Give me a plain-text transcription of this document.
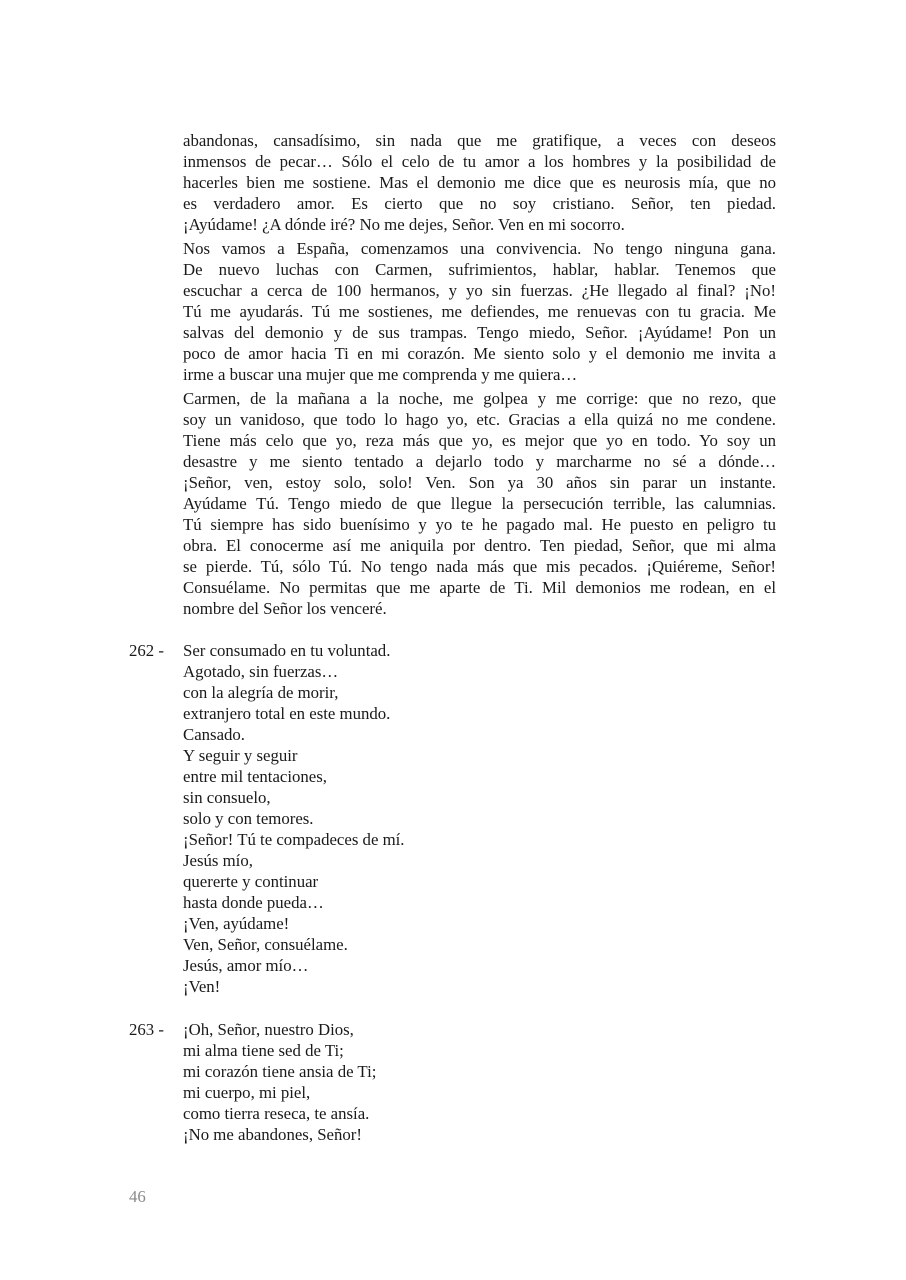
abandonas, cansadísimo, sin nada que me gratifique, a veces con deseos
inmensos de pecar… Sólo el celo de tu amor a los hombres y la posibilidad de
hacerles bien me sostiene. Mas el demonio me dice que es neurosis mía, que no
es verdadero amor. Es cierto que no soy cristiano. Señor, ten piedad.
¡Ayúdame! ¿A dónde iré? No me dejes, Señor. Ven en mi socorro.
Nos vamos a España, comenzamos una convivencia. No tengo ninguna gana.
De nuevo luchas con Carmen, sufrimientos, hablar, hablar. Tenemos que
escuchar a cerca de 100 hermanos, y yo sin fuerzas. ¿He llegado al final? ¡No!
Tú me ayudarás. Tú me sostienes, me defiendes, me renuevas con tu gracia. Me
salvas del demonio y de sus trampas. Tengo miedo, Señor. ¡Ayúdame! Pon un
poco de amor hacia Ti en mi corazón. Me siento solo y el demonio me invita a
irme a buscar una mujer que me comprenda y me quiera…
Carmen, de la mañana a la noche, me golpea y me corrige: que no rezo, que
soy un vanidoso, que todo lo hago yo, etc. Gracias a ella quizá no me condene.
Tiene más celo que yo, reza más que yo, es mejor que yo en todo. Yo soy un
desastre y me siento tentado a dejarlo todo y marcharme no sé a dónde…
¡Señor, ven, estoy solo, solo! Ven. Son ya 30 años sin parar un instante.
Ayúdame Tú. Tengo miedo de que llegue la persecución terrible, las calumnias.
Tú siempre has sido buenísimo y yo te he pagado mal. He puesto en peligro tu
obra. El conocerme así me aniquila por dentro. Ten piedad, Señor, que mi alma
se pierde. Tú, sólo Tú. No tengo nada más que mis pecados. ¡Quiéreme, Señor!
Consuélame. No permitas que me aparte de Ti. Mil demonios me rodean, en el
nombre del Señor los venceré.
262 - Ser consumado en tu voluntad.
Agotado, sin fuerzas…
con la alegría de morir,
extranjero total en este mundo.
Cansado.
Y seguir y seguir
entre mil tentaciones,
sin consuelo,
solo y con temores.
¡Señor! Tú te compadeces de mí.
Jesús mío,
quererte y continuar
hasta donde pueda…
¡Ven, ayúdame!
Ven, Señor, consuélame.
Jesús, amor mío…
¡Ven!
263 - ¡Oh, Señor, nuestro Dios,
mi alma tiene sed de Ti;
mi corazón tiene ansia de Ti;
mi cuerpo, mi piel,
como tierra reseca, te ansía.
¡No me abandones, Señor!
46
